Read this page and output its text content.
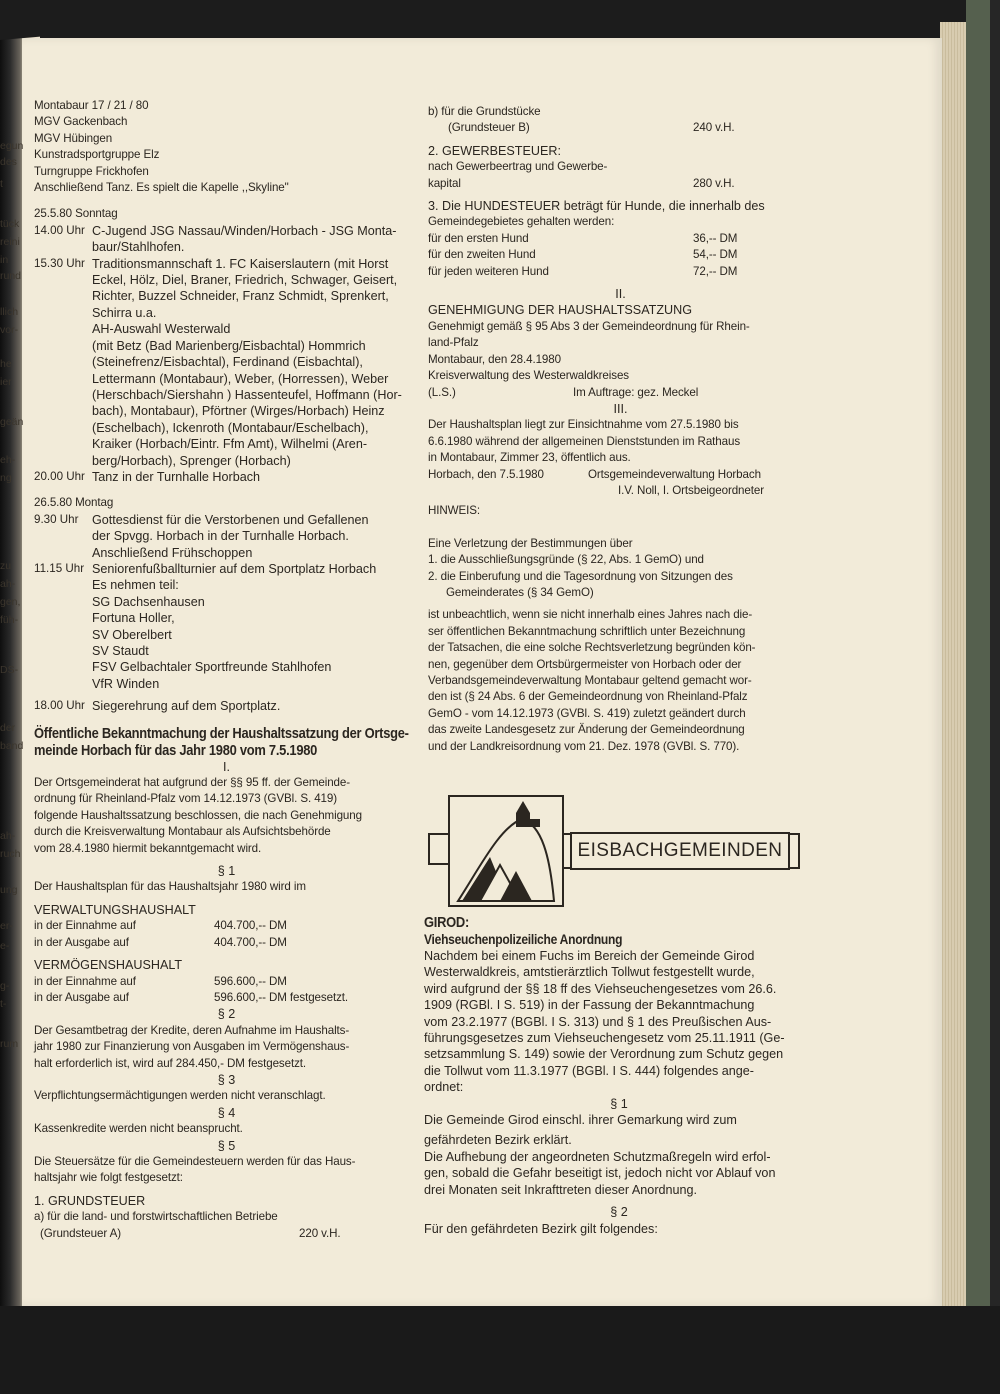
egun
des
t
tück
reini
in
rund
llich
vor-
he
ier
geän
eh-
ng
zu
ah-
gen,
füh-
DS-
der
band
ah-
ruch
ung
er-
e-
g-
t-
rum
Montabaur 17 / 21 / 80
MGV Gackenbach
MGV Hübingen
Kunstradsportgruppe Elz
Turngruppe Frickhofen
Anschließend Tanz. Es spielt die Kapelle ,,Skyline"
25.5.80 Sonntag
14.00 Uhr C-Jugend JSG Nassau/Winden/Horbach - JSG Monta-
baur/Stahlhofen.
15.30 Uhr Traditionsmannschaft 1. FC Kaiserslautern (mit Horst
Eckel, Hölz, Diel, Braner, Friedrich, Schwager, Geisert,
Richter, Buzzel Schneider, Franz Schmidt, Sprenkert,
Schirra u.a.
AH-Auswahl Westerwald
(mit Betz (Bad Marienberg/Eisbachtal) Hommrich
(Steinefrenz/Eisbachtal), Ferdinand (Eisbachtal),
Lettermann (Montabaur), Weber, (Horressen), Weber
(Herschbach/Siershahn ) Hassenteufel, Hoffmann (Hor-
bach), Montabaur), Pförtner (Wirges/Horbach) Heinz
(Eschelbach), Ickenroth (Montabaur/Eschelbach),
Kraiker (Horbach/Eintr. Ffm Amt), Wilhelmi (Aren-
berg/Horbach), Sprenger (Horbach)
20.00 Uhr Tanz in der Turnhalle Horbach
26.5.80 Montag
9.30 Uhr	Gottesdienst für die Verstorbenen und Gefallenen
der Spvgg. Horbach in der Turnhalle Horbach.
Anschließend Frühschoppen
11.15 Uhr Seniorenfußballturnier auf dem Sportplatz Horbach
Es nehmen teil:
SG Dachsenhausen
Fortuna Holler,
SV Oberelbert
SV Staudt
FSV Gelbachtaler Sportfreunde Stahlhofen
VfR Winden
18.00 Uhr Siegerehrung auf dem Sportplatz.
Öffentliche Bekanntmachung der Haushaltssatzung der Ortsge-
meinde Horbach für das Jahr 1980 vom 7.5.1980
I.
Der Ortsgemeinderat hat aufgrund der §§ 95 ff. der Gemeinde-
ordnung für Rheinland-Pfalz vom 14.12.1973 (GVBl. S. 419)
folgende Haushaltssatzung beschlossen, die nach Genehmigung
durch die Kreisverwaltung Montabaur als Aufsichtsbehörde
vom 28.4.1980 hiermit bekanntgemacht wird.
§ 1
Der Haushaltsplan für das Haushaltsjahr 1980 wird im
VERWALTUNGSHAUSHALT
in der Einnahme auf	404.700,-- DM
in der Ausgabe auf	404.700,-- DM
VERMÖGENSHAUSHALT
in der Einnahme auf	596.600,-- DM
in der Ausgabe auf	596.600,-- DM festgesetzt.
§ 2
Der Gesamtbetrag der Kredite, deren Aufnahme im Haushalts-
jahr 1980 zur Finanzierung von Ausgaben im Vermögenshaus-
halt erforderlich ist, wird auf 284.450,- DM festgesetzt.
§ 3
Verpflichtungsermächtigungen werden nicht veranschlagt.
§ 4
Kassenkredite werden nicht beansprucht.
§ 5
Die Steuersätze für die Gemeindesteuern werden für das Haus-
haltsjahr wie folgt festgesetzt:
1. GRUNDSTEUER
a) für die land- und forstwirtschaftlichen Betriebe
(Grundsteuer A)	220 v.H.
b) für die Grundstücke
(Grundsteuer B)	240 v.H.
2. GEWERBESTEUER:
nach Gewerbeertrag und Gewerbe-
kapital	280 v.H.
3. Die HUNDESTEUER beträgt für Hunde, die innerhalb des
Gemeindegebietes gehalten werden:
für den ersten Hund	36,-- DM
für den zweiten Hund	54,-- DM
für jeden weiteren Hund	72,-- DM
II.
GENEHMIGUNG DER HAUSHALTSSATZUNG
Genehmigt gemäß § 95 Abs 3 der Gemeindeordnung für Rhein-
land-Pfalz
Montabaur, den 28.4.1980
Kreisverwaltung des Westerwaldkreises
(L.S.)	Im Auftrage: gez. Meckel
III.
Der Haushaltsplan liegt zur Einsichtnahme vom 27.5.1980 bis
6.6.1980 während der allgemeinen Dienststunden im Rathaus
in Montabaur, Zimmer 23, öffentlich aus.
Horbach, den 7.5.1980	Ortsgemeindeverwaltung Horbach
I.V. Noll, I. Ortsbeigeordneter
HINWEIS:
Eine Verletzung der Bestimmungen über
1. die Ausschließungsgründe (§ 22, Abs. 1 GemO) und
2. die Einberufung und die Tagesordnung von Sitzungen des
Gemeinderates (§ 34 GemO)
ist unbeachtlich, wenn sie nicht innerhalb eines Jahres nach die-
ser öffentlichen Bekanntmachung schriftlich unter Bezeichnung
der Tatsachen, die eine solche Rechtsverletzung begründen kön-
nen, gegenüber dem Ortsbürgermeister von Horbach oder der
Verbandsgemeindeverwaltung Montabaur geltend gemacht wor-
den ist (§ 24 Abs. 6 der Gemeindeordnung von Rheinland-Pfalz
GemO - vom 14.12.1973 (GVBl. S. 419) zuletzt geändert durch
das zweite Landesgesetz zur Änderung der Gemeindeordnung
und der Landkreisordnung vom 21. Dez. 1978 (GVBl. S. 770).
EISBACHGEMEINDEN
GIROD:
Viehseuchenpolizeiliche Anordnung
Nachdem bei einem Fuchs im Bereich der Gemeinde Girod
Westerwaldkreis, amtstierärztlich Tollwut festgestellt wurde,
wird aufgrund der §§ 18 ff des Viehseuchengesetzes vom 26.6.
1909 (RGBl. I S. 519) in der Fassung der Bekanntmachung
vom 23.2.1977 (BGBl. I S. 313) und § 1 des Preußischen Aus-
führungsgesetzes zum Viehseuchengesetz vom 25.11.1911 (Ge-
setzsammlung S. 149) sowie der Verordnung zum Schutz gegen
die Tollwut vom 11.3.1977 (BGBl. I S. 444) folgendes ange-
ordnet:
§ 1
Die Gemeinde Girod einschl. ihrer Gemarkung wird zum
gefährdeten Bezirk erklärt.
Die Aufhebung der angeordneten Schutzmaßregeln wird erfol-
gen, sobald die Gefahr beseitigt ist, jedoch nicht vor Ablauf von
drei Monaten seit Inkrafttreten dieser Anordnung.
§ 2
Für den gefährdeten Bezirk gilt folgendes:
